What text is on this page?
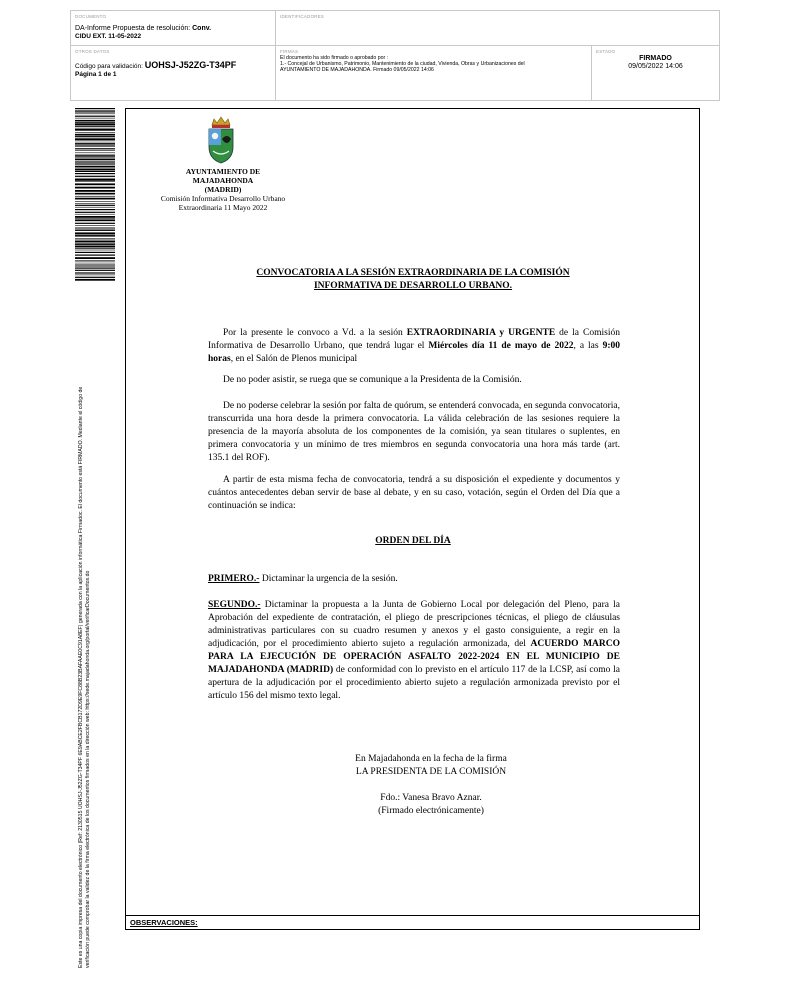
DOCUMENTO
DA-Informe Propuesta de resolución: Conv.
CIDU EXT. 11-05-2022
IDENTIFICADORES
OTROS DATOS
Código para validación: UOHSJ-J52ZG-T34PF
Página 1 de 1
FIRMAS
El documento ha sido firmado o aprobado por :
1.- Concejal de Urbanismo, Patrimonio, Mantenimiento de la ciudad, Vivienda, Obras y Urbanizaciones del
AYUNTAMIENTO DE MAJADAHONDA. Firmado 09/05/2022 14:06
ESTADO
FIRMADO
09/05/2022 14:06
Este es una copia impresa del documento electrónico (Ref: 2130515 UOHSJ-J52ZG-T34PF 6E9ABCE2FBCB172D9E9FC88B23BAFAAE0C91A8EF) generada con la aplicación informática Firmadoc. El documento está FIRMADO. Mediante el código de verificación puede comprobar la validez de la firma electrónica de los documentos firmados en la dirección web: https://sede.majadahonda.org/portal/verificarDocumentos.do
AYUNTAMIENTO DE
MAJADAHONDA
(MADRID)
Comisión Informativa Desarrollo Urbano
Extraordinaria 11 Mayo 2022
CONVOCATORIA A LA SESIÓN EXTRAORDINARIA DE LA COMISIÓN
INFORMATIVA DE DESARROLLO URBANO.
Por la presente le convoco a Vd. a la sesión EXTRAORDINARIA y URGENTE de la Comisión Informativa de Desarrollo Urbano, que tendrá lugar el Miércoles día 11 de mayo de 2022, a las 9:00 horas, en el Salón de Plenos municipal
De no poder asistir, se ruega que se comunique a la Presidenta de la Comisión.
De no poderse celebrar la sesión por falta de quórum, se entenderá convocada, en segunda convocatoria, transcurrida una hora desde la primera convocatoria. La válida celebración de las sesiones requiere la presencia de la mayoría absoluta de los componentes de la comisión, ya sean titulares o suplentes, en primera convocatoria y un mínimo de tres miembros en segunda convocatoria una hora más tarde (art. 135.1 del ROF).
A partir de esta misma fecha de convocatoria, tendrá a su disposición el expediente y documentos y cuántos antecedentes deban servir de base al debate, y en su caso, votación, según el Orden del Día que a continuación se indica:
ORDEN DEL DÍA
PRIMERO.- Dictaminar la urgencia de la sesión.
SEGUNDO.- Dictaminar la propuesta a la Junta de Gobierno Local por delegación del Pleno, para la Aprobación del expediente de contratación, el pliego de prescripciones técnicas, el pliego de cláusulas administrativas particulares con su cuadro resumen y anexos y el gasto consiguiente, a regir en la adjudicación, por el procedimiento abierto sujeto a regulación armonizada, del ACUERDO MARCO PARA LA EJECUCIÓN DE OPERACIÓN ASFALTO 2022-2024 EN EL MUNICIPIO DE MAJADAHONDA (MADRID) de conformidad con lo previsto en el artículo 117 de la LCSP, así como la apertura de la adjudicación por el procedimiento abierto sujeto a regulación armonizada previsto por el artículo 156 del mismo texto legal.
En Majadahonda en la fecha de la firma
LA PRESIDENTA DE LA COMISIÓN
Fdo.: Vanesa Bravo Aznar.
(Firmado electrónicamente)
OBSERVACIONES:
